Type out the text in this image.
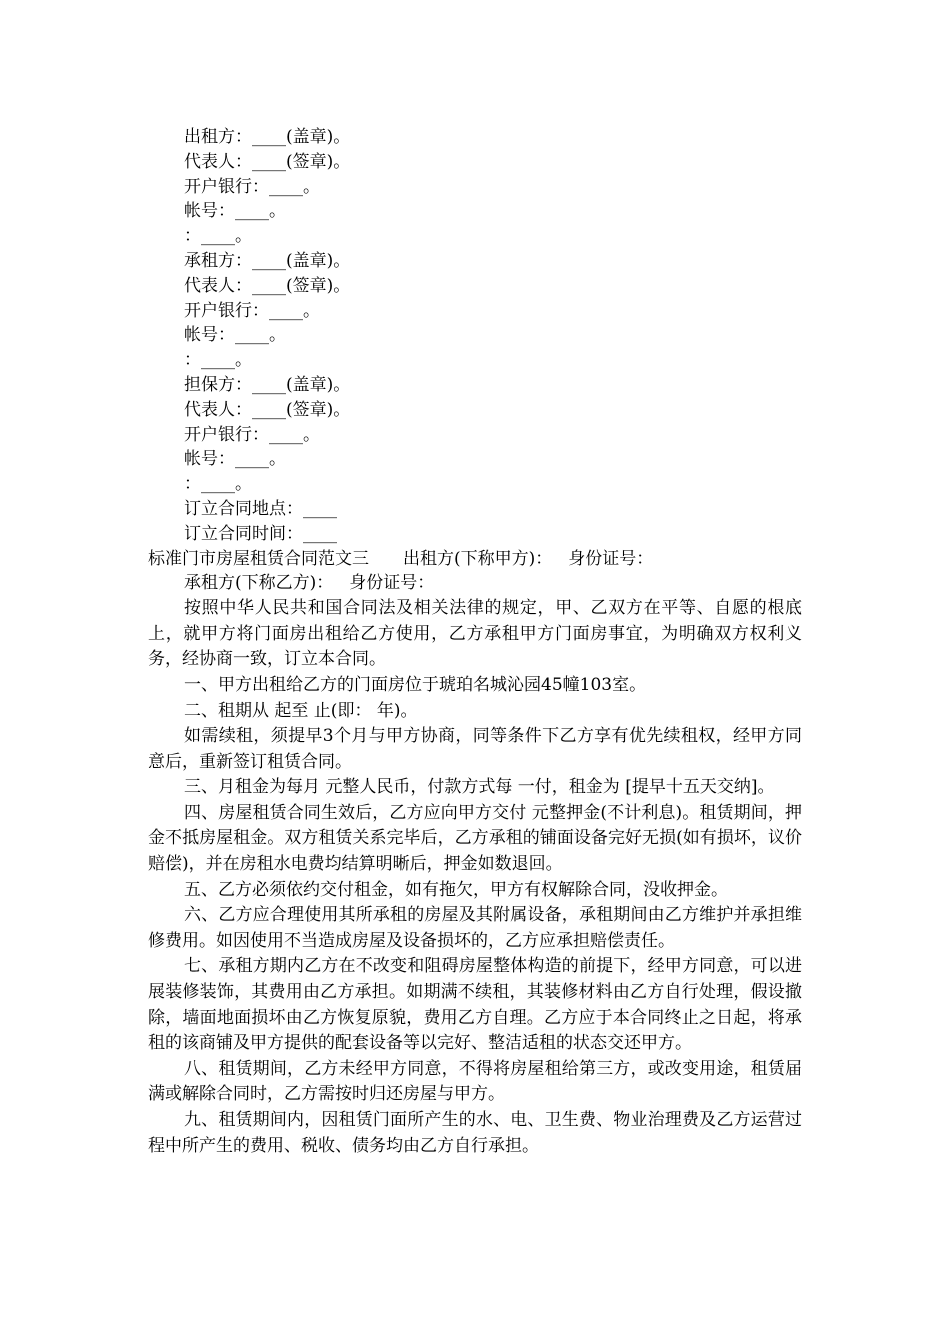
出租方：____(盖章)。
代表人：____(签章)。
开户银行：____。
帐号：____。
：____。
承租方：____(盖章)。
代表人：____(签章)。
开户银行：____。
帐号：____。
：____。
担保方：____(盖章)。
代表人：____(签章)。
开户银行：____。
帐号：____。
：____。
订立合同地点：____
订立合同时间：____
标准门市房屋租赁合同范文三 出租方(下称甲方)： 身份证号：
承租方(下称乙方)： 身份证号：

按照中华人民共和国合同法及相关法律的规定，甲、乙双方在平等、自愿的根底上，就甲方将门面房出租给乙方使用，乙方承租甲方门面房事宜，为明确双方权利义务，经协商一致，订立本合同。

一、甲方出租给乙方的门面房位于琥珀名城沁园45幢103室。

二、租期从 起至 止(即： 年)。

如需续租，须提早3个月与甲方协商，同等条件下乙方享有优先续租权，经甲方同意后，重新签订租赁合同。

三、月租金为每月 元整人民币，付款方式每 一付，租金为 [提早十五天交纳]。

四、房屋租赁合同生效后，乙方应向甲方交付 元整押金(不计利息)。租赁期间，押金不抵房屋租金。双方租赁关系完毕后，乙方承租的铺面设备完好无损(如有损坏，议价赔偿)，并在房租水电费均结算明晰后，押金如数退回。

五、乙方必须依约交付租金，如有拖欠，甲方有权解除合同，没收押金。

六、乙方应合理使用其所承租的房屋及其附属设备，承租期间由乙方维护并承担维修费用。如因使用不当造成房屋及设备损坏的，乙方应承担赔偿责任。

七、承租方期内乙方在不改变和阻碍房屋整体构造的前提下，经甲方同意，可以进展装修装饰，其费用由乙方承担。如期满不续租，其装修材料由乙方自行处理，假设撤除，墙面地面损坏由乙方恢复原貌，费用乙方自理。乙方应于本合同终止之日起，将承租的该商铺及甲方提供的配套设备等以完好、整洁适租的状态交还甲方。

八、租赁期间，乙方未经甲方同意，不得将房屋租给第三方，或改变用途，租赁届满或解除合同时，乙方需按时归还房屋与甲方。

九、租赁期间内，因租赁门面所产生的水、电、卫生费、物业治理费及乙方运营过程中所产生的费用、税收、债务均由乙方自行承担。
